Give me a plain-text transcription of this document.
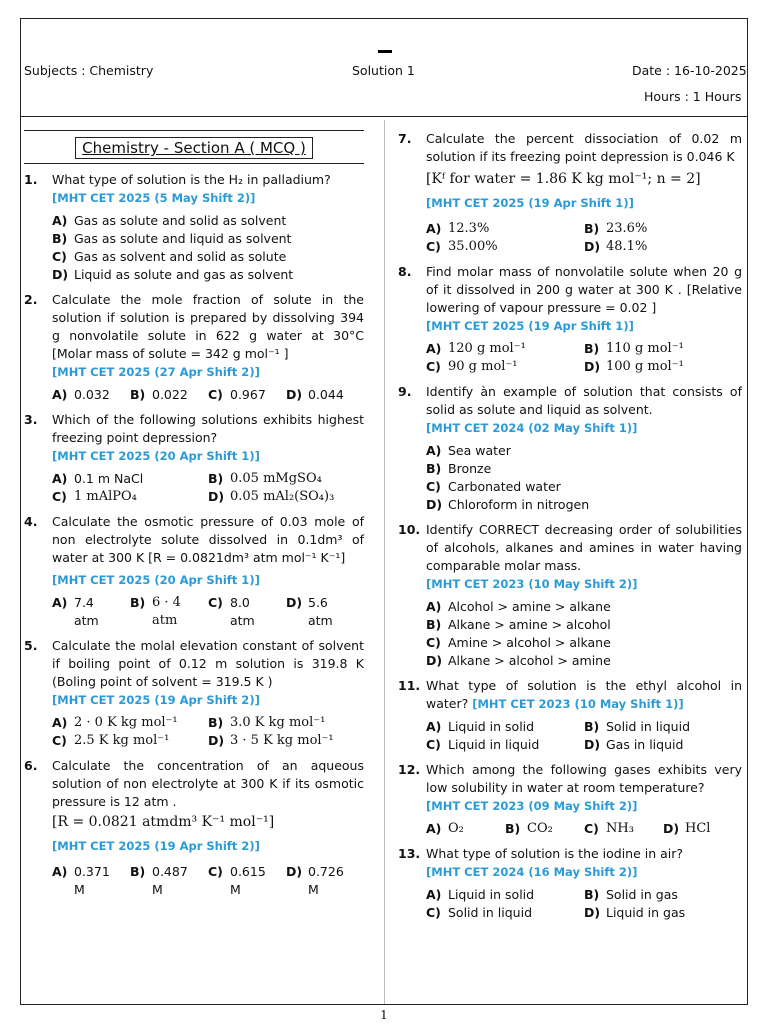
Subjects : Chemistry	Solution 1	Date : 16-10-2025
Hours : 1 Hours
Chemistry - Section A ( MCQ )
1.	What type of solution is the H₂ in palladium?
[MHT CET 2025 (5 May Shift 2)]
A) Gas as solute and solid as solvent
B) Gas as solute and liquid as solvent
C) Gas as solvent and solid as solute
D) Liquid as solute and gas as solvent
2.	Calculate the mole fraction of solute in the solution if solution is prepared by dissolving 394 g nonvolatile solute in 622 g water at 30°C [Molar mass of solute = 342 g mol⁻¹ ]
[MHT CET 2025 (27 Apr Shift 2)]
A) 0.032 B) 0.022 C) 0.967 D) 0.044
3.	Which of the following solutions exhibits highest freezing point depression?
[MHT CET 2025 (20 Apr Shift 1)]
A) 0.1 m NaCl	B) 0.05 mMgSO₄
C) 1 mAlPO₄	D) 0.05 mAl₂(SO₄)₃
4.	Calculate the osmotic pressure of 0.03 mole of non electrolyte solute dissolved in 0.1dm³ of water at 300 K [R = 0.0821dm³ atm mol⁻¹ K⁻¹]
[MHT CET 2025 (20 Apr Shift 1)]
A) 7.4 atm
B) 6 · 4 atm
C) 8.0 atm
D) 5.6 atm
5.	Calculate the molal elevation constant of solvent if boiling point of 0.12 m solution is 319.8 K (Boling point of solvent = 319.5 K )
[MHT CET 2025 (19 Apr Shift 2)]
A) 2 · 0 K kg mol⁻¹ B) 3.0 K kg mol⁻¹
C) 2.5 K kg mol⁻¹	D) 3 · 5 K kg mol⁻¹
6.	Calculate the concentration of an aqueous solution of non electrolyte at 300 K if its osmotic pressure is 12 atm .
[R = 0.0821 atmdm³ K⁻¹ mol⁻¹]
[MHT CET 2025 (19 Apr Shift 2)]
A) 0.371 M
B) 0.487 M
C) 0.615 M
D) 0.726 M
7.	Calculate the percent dissociation of 0.02 m solution if its freezing point depression is 0.046 K
[Kᶠ for water = 1.86 K kg mol⁻¹; n = 2]
[MHT CET 2025 (19 Apr Shift 1)]
A) 12.3%	B) 23.6%
C) 35.00%	D) 48.1%
8.	Find molar mass of nonvolatile solute when 20 g of it dissolved in 200 g water at 300 K . [Relative lowering of vapour pressure = 0.02 ]
[MHT CET 2025 (19 Apr Shift 1)]
A) 120 g mol⁻¹	B) 110 g mol⁻¹
C) 90 g mol⁻¹	D) 100 g mol⁻¹
9.	Identify àn example of solution that consists of solid as solute and liquid as solvent.
[MHT CET 2024 (02 May Shift 1)]
A) Sea water
B) Bronze
C) Carbonated water
D) Chloroform in nitrogen
10. Identify CORRECT decreasing order of solubilities of alcohols, alkanes and amines in water having comparable molar mass.
[MHT CET 2023 (10 May Shift 2)]
A) Alcohol > amine > alkane
B) Alkane > amine > alcohol
C) Amine > alcohol > alkane
D) Alkane > alcohol > amine
11. What type of solution is the ethyl alcohol in water? [MHT CET 2023 (10 May Shift 1)]
A) Liquid in solid	B) Solid in liquid
C) Liquid in liquid	D) Gas in liquid
12. Which among the following gases exhibits very low solubility in water at room temperature?
[MHT CET 2023 (09 May Shift 2)]
A) O₂	B) CO₂ C) NH₃ D) HCl
13. What type of solution is the iodine in air?
[MHT CET 2024 (16 May Shift 2)]
A) Liquid in solid	B) Solid in gas
C) Solid in liquid	D) Liquid in gas
1
